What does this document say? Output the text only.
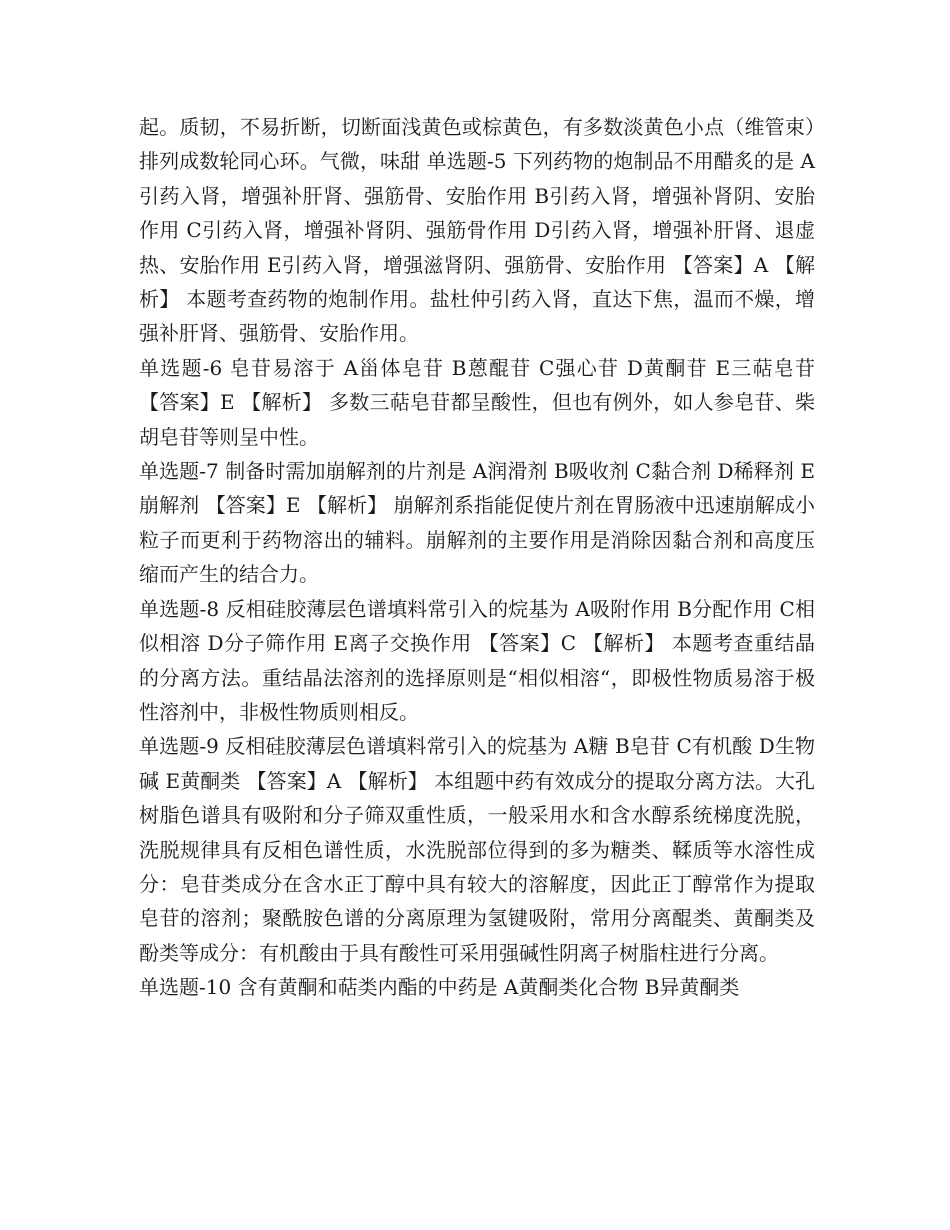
起。质韧，不易折断，切断面浅黄色或棕黄色，有多数淡黄色小点（维管束）排列成数轮同心环。气微，味甜 单选题-5 下列药物的炮制品不用醋炙的是 A引药入肾，增强补肝肾、强筋骨、安胎作用 B引药入肾，增强补肾阴、安胎作用 C引药入肾，增强补肾阴、强筋骨作用 D引药入肾，增强补肝肾、退虚热、安胎作用 E引药入肾，增强滋肾阴、强筋骨、安胎作用 【答案】A 【解析】 本题考查药物的炮制作用。盐杜仲引药入肾，直达下焦，温而不燥，增强补肝肾、强筋骨、安胎作用。

单选题-6 皂苷易溶于 A甾体皂苷 B蒽醌苷 C强心苷 D黄酮苷 E三萜皂苷 【答案】E 【解析】 多数三萜皂苷都呈酸性，但也有例外，如人参皂苷、柴胡皂苷等则呈中性。

单选题-7 制备时需加崩解剂的片剂是 A润滑剂 B吸收剂 C黏合剂 D稀释剂 E崩解剂 【答案】E 【解析】 崩解剂系指能促使片剂在胃肠液中迅速崩解成小粒子而更利于药物溶出的辅料。崩解剂的主要作用是消除因黏合剂和高度压缩而产生的结合力。

单选题-8 反相硅胶薄层色谱填料常引入的烷基为 A吸附作用 B分配作用 C相似相溶 D分子筛作用 E离子交换作用 【答案】C 【解析】 本题考查重结晶的分离方法。重结晶法溶剂的选择原则是“相似相溶“，即极性物质易溶于极性溶剂中，非极性物质则相反。

单选题-9 反相硅胶薄层色谱填料常引入的烷基为 A糖 B皂苷 C有机酸 D生物碱 E黄酮类 【答案】A 【解析】 本组题中药有效成分的提取分离方法。大孔树脂色谱具有吸附和分子筛双重性质，一般采用水和含水醇系统梯度洗脱，洗脱规律具有反相色谱性质，水洗脱部位得到的多为糖类、鞣质等水溶性成分：皂苷类成分在含水正丁醇中具有较大的溶解度，因此正丁醇常作为提取皂苷的溶剂；聚酰胺色谱的分离原理为氢键吸附，常用分离醌类、黄酮类及酚类等成分：有机酸由于具有酸性可采用强碱性阴离子树脂柱进行分离。

单选题-10 含有黄酮和萜类内酯的中药是 A黄酮类化合物 B异黄酮类
